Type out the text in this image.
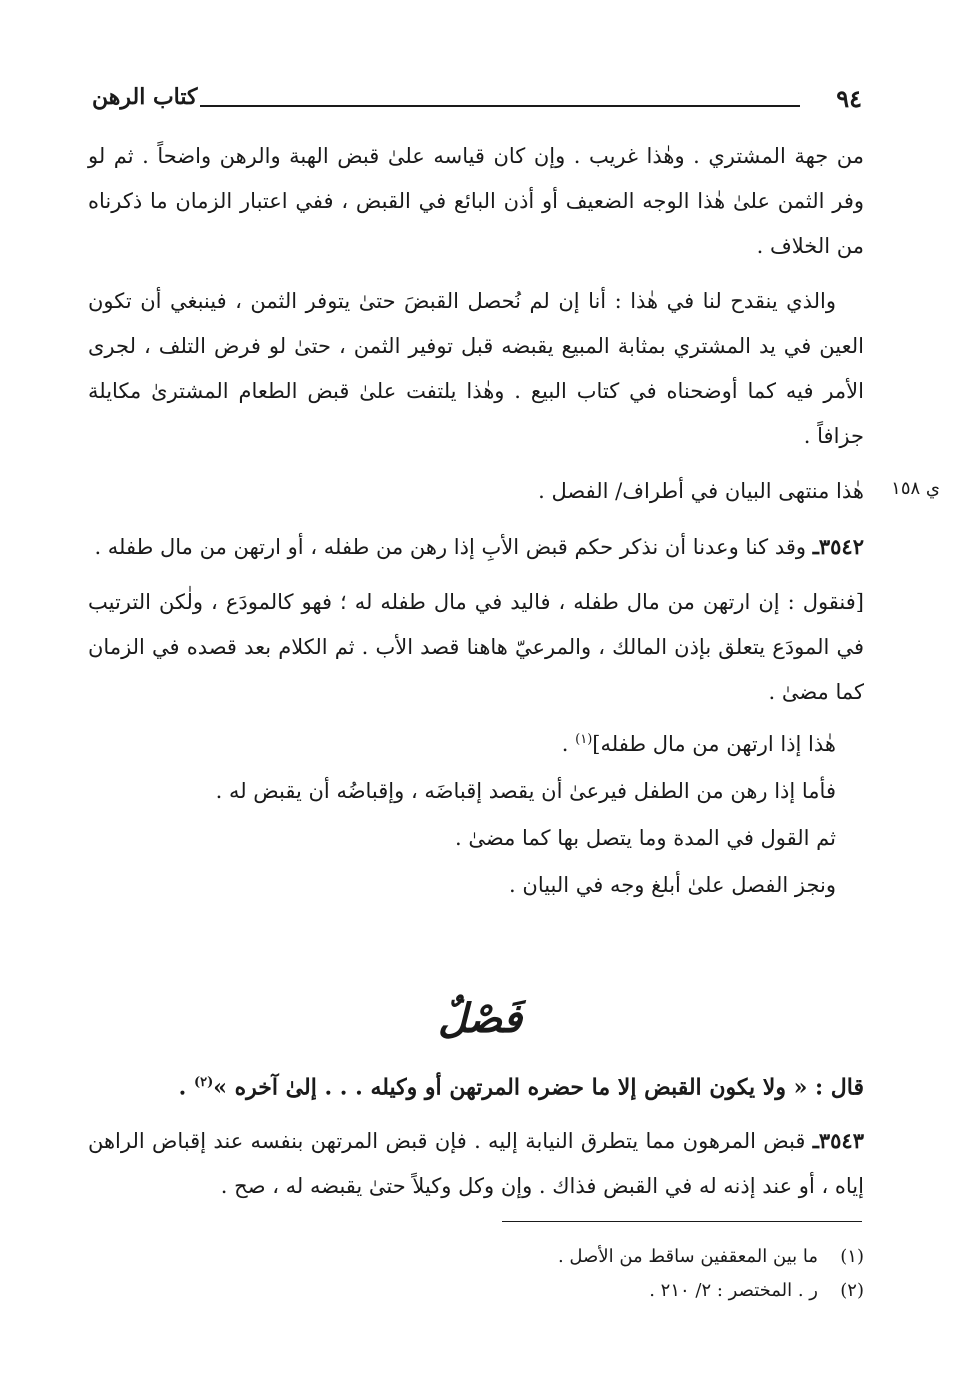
٩٤
كتاب الرهن
ي ١٥٨

من جهة المشتري . وهٰذا غريب . وإن كان قياسه علىٰ قبض الهبة والرهن واضحاً . ثم لو وفر الثمن علىٰ هٰذا الوجه الضعيف أو أذن البائع في القبض ، ففي اعتبار الزمان ما ذكرناه من الخلاف .

والذي ينقدح لنا في هٰذا : أنا إن لم نُحصل القبضَ حتىٰ يتوفر الثمن ، فينبغي أن تكون العين في يد المشتري بمثابة المبيع يقبضه قبل توفير الثمن ، حتىٰ لو فرض التلف ، لجرى الأمر فيه كما أوضحناه في كتاب البيع . وهٰذا يلتفت علىٰ قبض الطعام المشترىٰ مكايلة جزافاً .

هٰذا منتهى البيان في أطراف/ الفصل .

٣٥٤٢ـ وقد كنا وعدنا أن نذكر حكم قبض الأبِ إذا رهن من طفله ، أو ارتهن من مال طفله .

[فنقول : إن ارتهن من مال طفله ، فاليد في مال طفله له ؛ فهو كالمودَع ، ولٰكن الترتيب في المودَع يتعلق بإذن المالك ، والمرعيّ هاهنا قصد الأب . ثم الكلام بعد قصده في الزمان كما مضىٰ .

هٰذا إذا ارتهن من مال طفله]$^{(١)}$ .

فأما إذا رهن من الطفل فيرعىٰ أن يقصد إقباضَه ، وإقباضُه أن يقبض له .

ثم القول في المدة وما يتصل بها كما مضىٰ .

ونجز الفصل علىٰ أبلغ وجه في البيان .

فَصْلٌ
قال : « ولا يكون القبض إلا ما حضره المرتهن أو وكيله . . . إلىٰ آخره »$^{(٢)}$ .
٣٥٤٣ـ قبض المرهون مما يتطرق النيابة إليه . فإن قبض المرتهن بنفسه عند إقباض الراهن إياه ، أو عند إذنه له في القبض فذاك . وإن وكل وكيلاً حتىٰ يقبضه له ، صح .
(١)ما بين المعقفين ساقط من الأصل .
(٢)ر . المختصر : ٢/ ٢١٠ .
